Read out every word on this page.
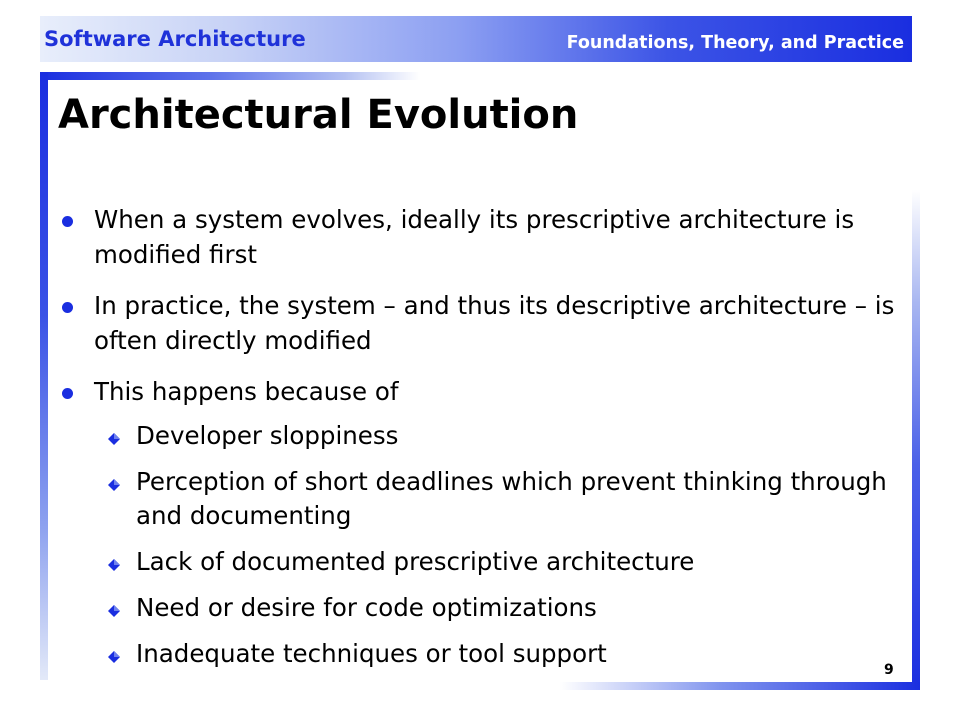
Software Architecture	Foundations, Theory, and Practice
Architectural Evolution
When a system evolves, ideally its prescriptive architecture is modified first
In practice, the system – and thus its descriptive architecture – is often directly modified
This happens because of
Developer sloppiness
Perception of short deadlines which prevent thinking through and documenting
Lack of documented prescriptive architecture
Need or desire for code optimizations
Inadequate techniques or tool support
9
